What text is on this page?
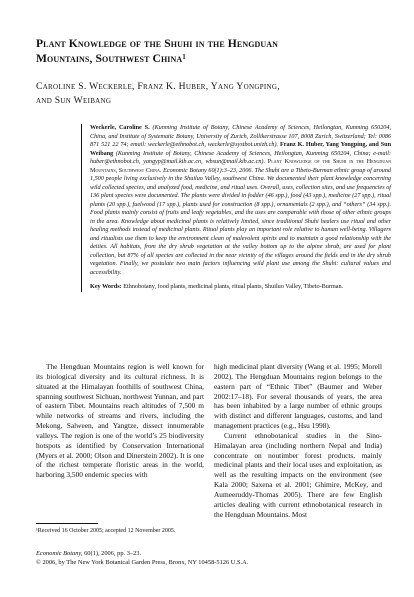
Plant Knowledge of the Shuhi in the Hengduan
Mountains, Southwest China$^1$
Caroline S. Weckerle, Franz K. Huber, Yang Yongping,
and Sun Weibang

Weckerle, Caroline S. (Kunming Institute of Botany, Chinese Academy of Sciences, Heilongtan, Kunming 650204, China, and Institute of Systematic Botany, University of Zurich, Zollikerstrasse 107, 8008 Zurich, Switzerland; Tel: 0086 871 521 22 74; email: weckerle@ethnobot.ch, weckerle@systbot.unizh.ch). Franz K. Huber, Yang Yongping, and Sun Weibang (Kunming Institute of Botany, Chinese Academy of Sciences, Heilongtan, Kunming 650204, China; e-mail: huber@ethnobot.ch, yangyp@mail.kib.ac.cn, wbsun@mail.kib.ac.cn). Plant Knowledge of the Shuhi in the Hengduan Mountains, Southwest China. Economic Botany 60(1):3–23, 2006. The Shuhi are a Tibeto-Burman ethnic group of around 1,500 people living exclusively in the Shuiluo Valley, southwest China. We documented their plant knowledge concerning wild collected species, and analyzed food, medicine, and ritual uses. Overall, uses, collection sites, and use frequencies of 136 plant species were documented. The plants were divided in fodder (46 spp.), food (43 spp.), medicine (27 spp.), ritual plants (20 spp.), fuelwood (17 spp.), plants used for construction (8 spp.), ornamentals (2 spp.), and “others” (34 spp.). Food plants mainly consist of fruits and leafy vegetables, and the uses are comparable with those of other ethnic groups in the area. Knowledge about medicinal plants is relatively limited, since traditional Shuhi healers use ritual and other healing methods instead of medicinal plants. Ritual plants play an important role relative to human well-being. Villagers and ritualists use them to keep the environment clean of malevolent spirits and to maintain a good relationship with the deities. All habitats, from the dry shrub vegetation at the valley bottom up to the alpine shrub, are used for plant collection, but 87% of all species are collected in the near vicinity of the villages around the fields and in the dry shrub vegetation. Finally, we postulate two main factors influencing wild plant use among the Shuhi: cultural values and accessibility.

Key Words: Ethnobotany, food plants, medicinal plants, ritual plants, Shuiluo Valley, Tibeto-Burman.

The Hengduan Mountains region is well known for its biological diversity and its cultural richness. It is situated at the Himalayan foothills of southwest China, spanning southwest Sichuan, northwest Yunnan, and part of eastern Tibet. Mountains reach altitudes of 7,500 m while networks of streams and rivers, including the Mekong, Salween, and Yangtze, dissect innumerable valleys. The region is one of the world’s 25 biodiversity hotspots as identified by Conservation International (Myers et al. 2000; Olson and Dinerstein 2002). It is one of the richest temperate floristic areas in the world, harboring 3,500 endemic species with

high medicinal plant diversity (Wang et al. 1995; Morell 2002). The Hengduan Mountains region belongs to the eastern part of “Ethnic Tibet” (Baumer and Weber 2002:17–18). For several thousands of years, the area has been inhabited by a large number of ethnic groups with distinct and different languages, customs, and land management practices (e.g., Hsu 1998).

Current ethnobotanical studies in the Sino-Himalayan area (including northern Nepal and India) concentrate on noutimber forest products, mainly medicinal plants and their local uses and exploitation, as well as the resulting impacts on the environment (see Kala 2000; Saxena et al. 2001; Ghimire, McKey, and Aumeeruddy-Thomas 2005). There are few English articles dealing with current ethnobotanical research in the Hengduan Mountains. Most

¹Received 16 October 2005; accepted 12 November 2005.
Economic Botany, 60(1), 2006, pp. 3–23.
© 2006, by The New York Botanical Garden Press, Bronx, NY 10458-5126 U.S.A.
